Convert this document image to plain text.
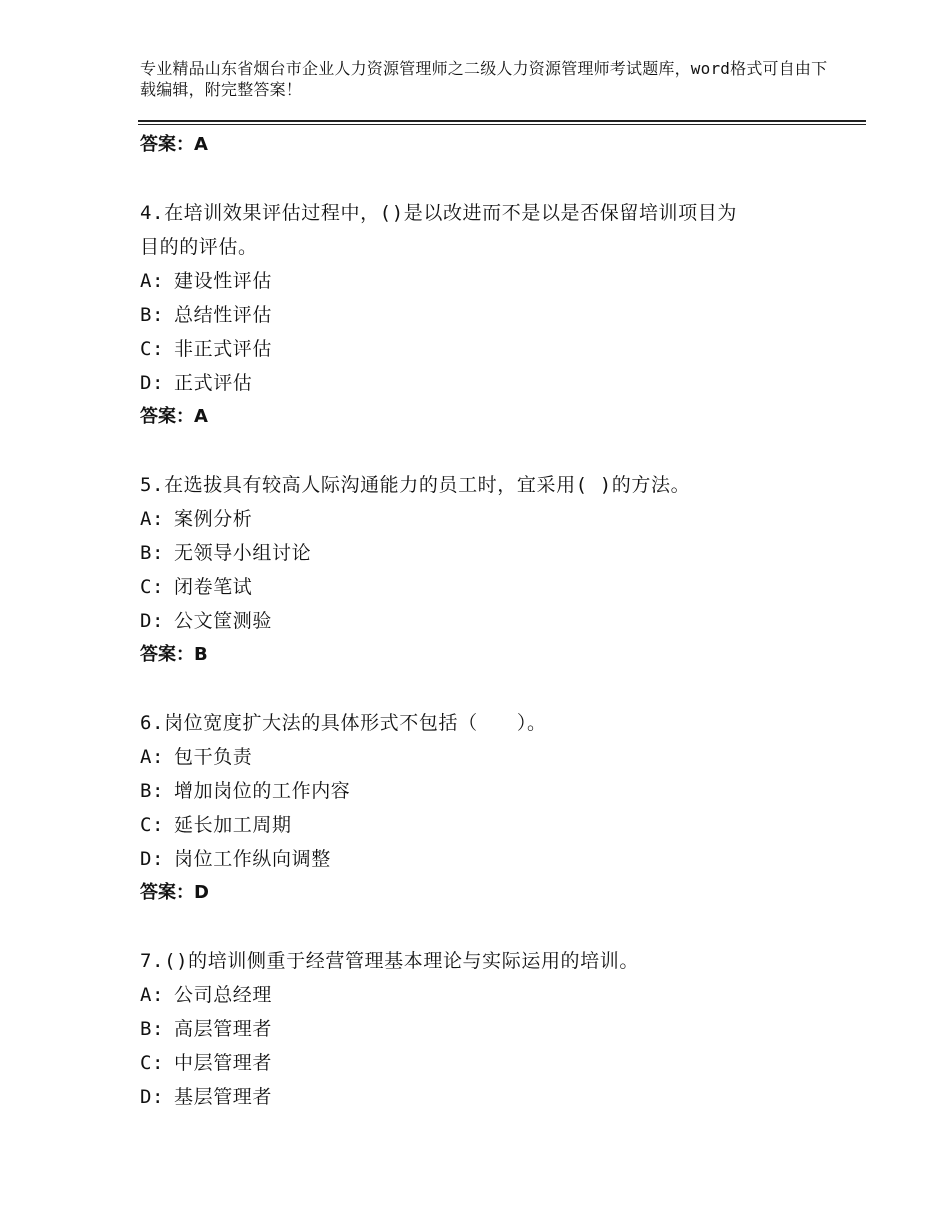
专业精品山东省烟台市企业人力资源管理师之二级人力资源管理师考试题库，word格式可自由下载编辑，附完整答案！

答案：A

4.在培训效果评估过程中，()是以改进而不是以是否保留培训项目为

目的的评估。

A: 建设性评估

B: 总结性评估

C: 非正式评估

D: 正式评估

答案：A

5.在选拔具有较高人际沟通能力的员工时，宜采用( )的方法。

A: 案例分析

B: 无领导小组讨论

C: 闭卷笔试

D: 公文筐测验

答案：B

6.岗位宽度扩大法的具体形式不包括（　　）。

A: 包干负责

B: 增加岗位的工作内容

C: 延长加工周期

D: 岗位工作纵向调整

答案：D

7.()的培训侧重于经营管理基本理论与实际运用的培训。

A: 公司总经理

B: 高层管理者

C: 中层管理者

D: 基层管理者
